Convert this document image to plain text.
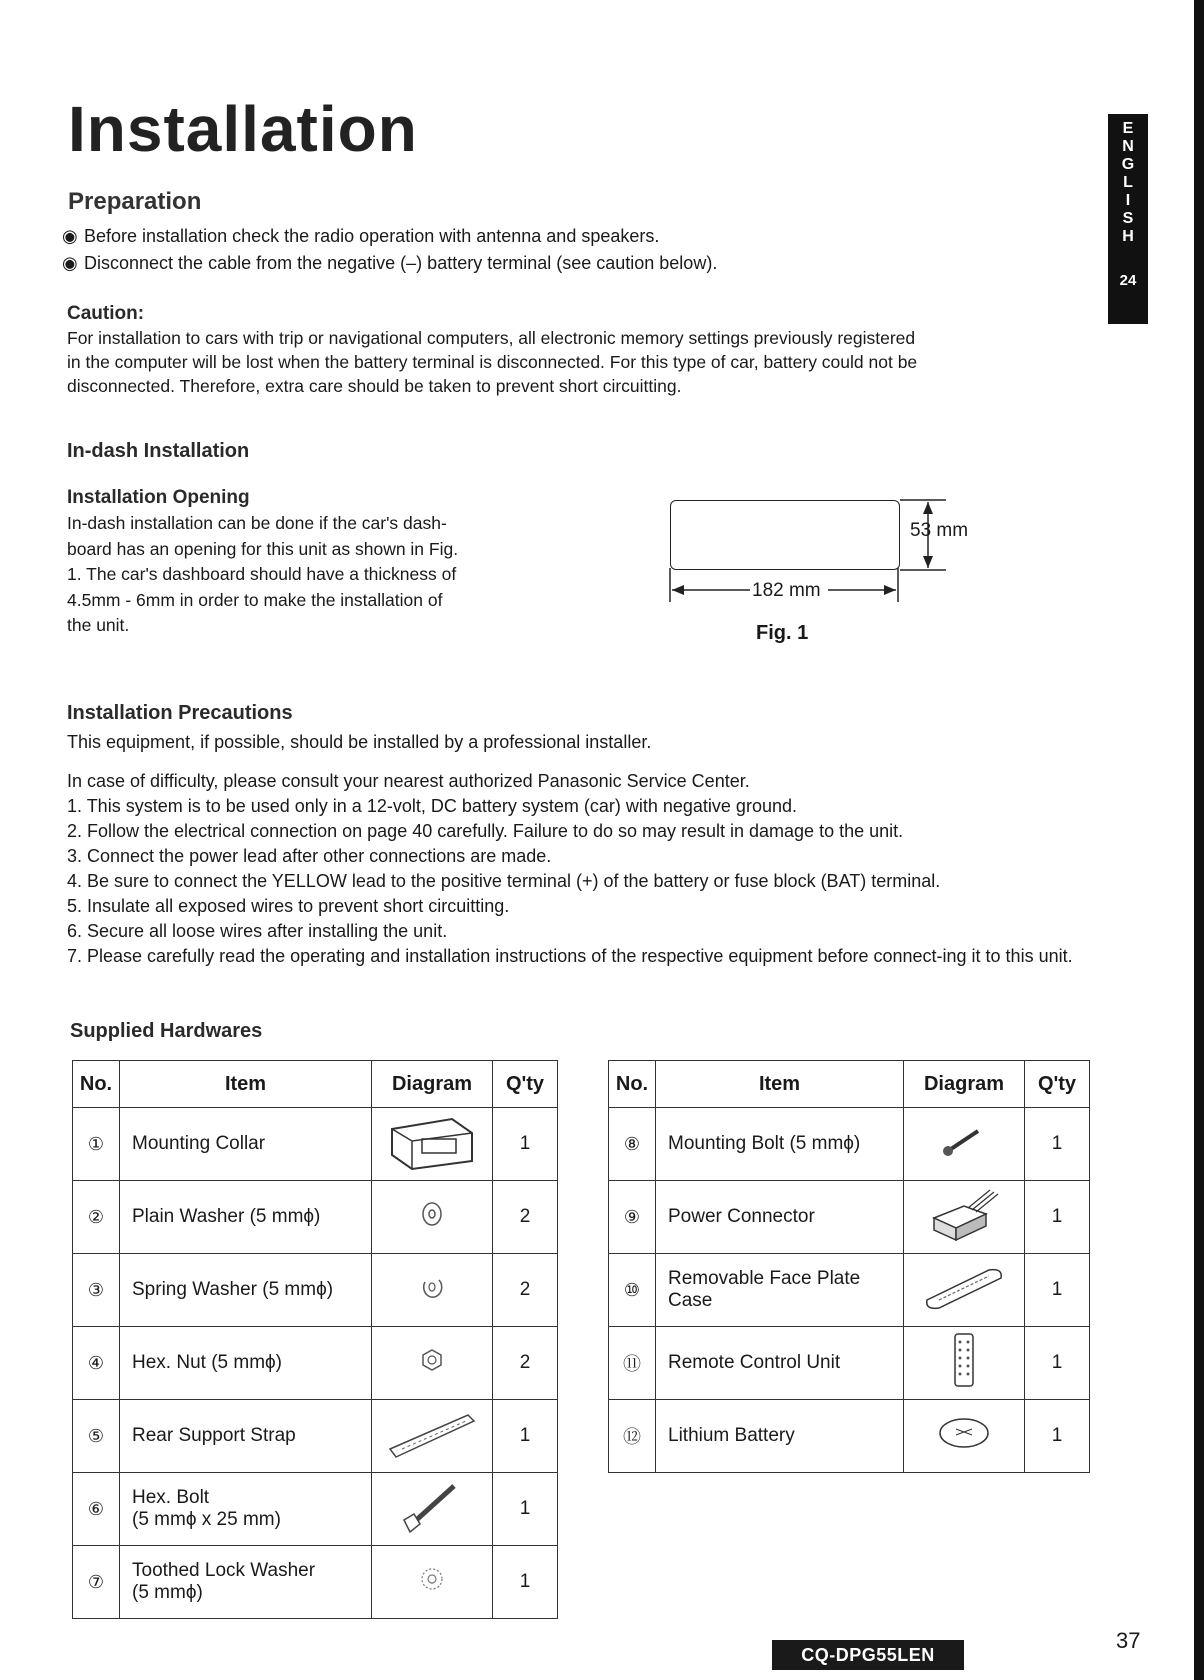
E
N
G
L
I
S
H
24
Installation
Preparation
◉ Before installation check the radio operation with antenna and speakers.
◉ Disconnect the cable from the negative (–) battery terminal (see caution below).
Caution:
For installation to cars with trip or navigational computers, all electronic memory settings previously registered
in the computer will be lost when the battery terminal is disconnected. For this type of car, battery could not be
disconnected. Therefore, extra care should be taken to prevent short circuitting.
In-dash Installation
Installation Opening
In-dash installation can be done if the car's dash-
board has an opening for this unit as shown in Fig.
1. The car's dashboard should have a thickness of
4.5mm - 6mm in order to make the installation of
the unit.
53 mm
182 mm
Fig. 1
Installation Precautions
This equipment, if possible, should be installed by a professional installer.
In case of difficulty, please consult your nearest authorized Panasonic Service Center.
1. This system is to be used only in a 12-volt, DC battery system (car) with negative ground.
2. Follow the electrical connection on page 40 carefully. Failure to do so may result in damage to the unit.
3. Connect the power lead after other connections are made.
4. Be sure to connect the YELLOW lead to the positive terminal (+) of the battery or fuse block (BAT) terminal.
5. Insulate all exposed wires to prevent short circuitting.
6. Secure all loose wires after installing the unit.
7. Please carefully read the operating and installation instructions of the respective equipment before connect-ing it to this unit.
Supplied Hardwares
No.	Item	Diagram	Q'ty
①	Mounting Collar		1
②	Plain Washer (5 mmϕ)		2
③	Spring Washer (5 mmϕ)		2
④	Hex. Nut (5 mmϕ)		2
⑤	Rear Support Strap		1
⑥	Hex. Bolt
(5 mmϕ x 25 mm)		1
⑦	Toothed Lock Washer
(5 mmϕ)		1
No.	Item	Diagram	Q'ty
⑧	Mounting Bolt (5 mmϕ)		1
⑨	Power Connector		1
⑩	Removable Face Plate
Case		1
⑪	Remote Control Unit		1
⑫	Lithium Battery		1
CQ-DPG55LEN
37
